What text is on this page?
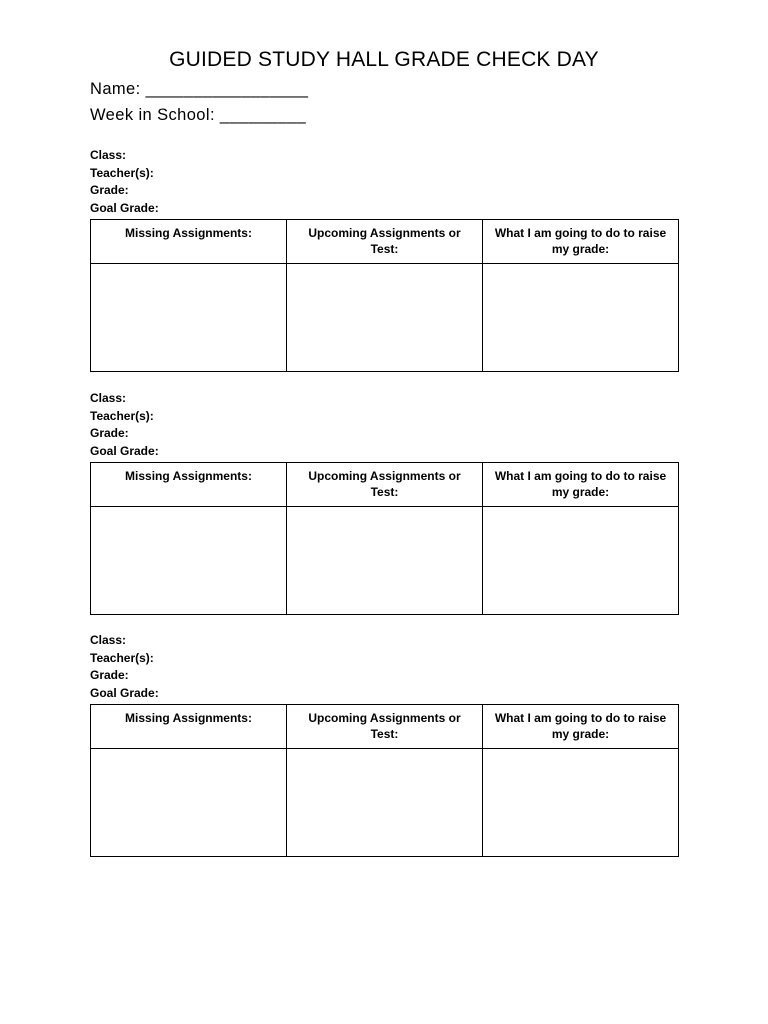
GUIDED STUDY HALL GRADE CHECK DAY
Name: _________________
Week in School: _________
Class:
Teacher(s):
Grade:
Goal Grade:
Missing Assignments:	Upcoming Assignments or Test:	What I am going to do to raise my grade:

Class:
Teacher(s):
Grade:
Goal Grade:
Missing Assignments:	Upcoming Assignments or Test:	What I am going to do to raise my grade:

Class:
Teacher(s):
Grade:
Goal Grade:
Missing Assignments:	Upcoming Assignments or Test:	What I am going to do to raise my grade:
